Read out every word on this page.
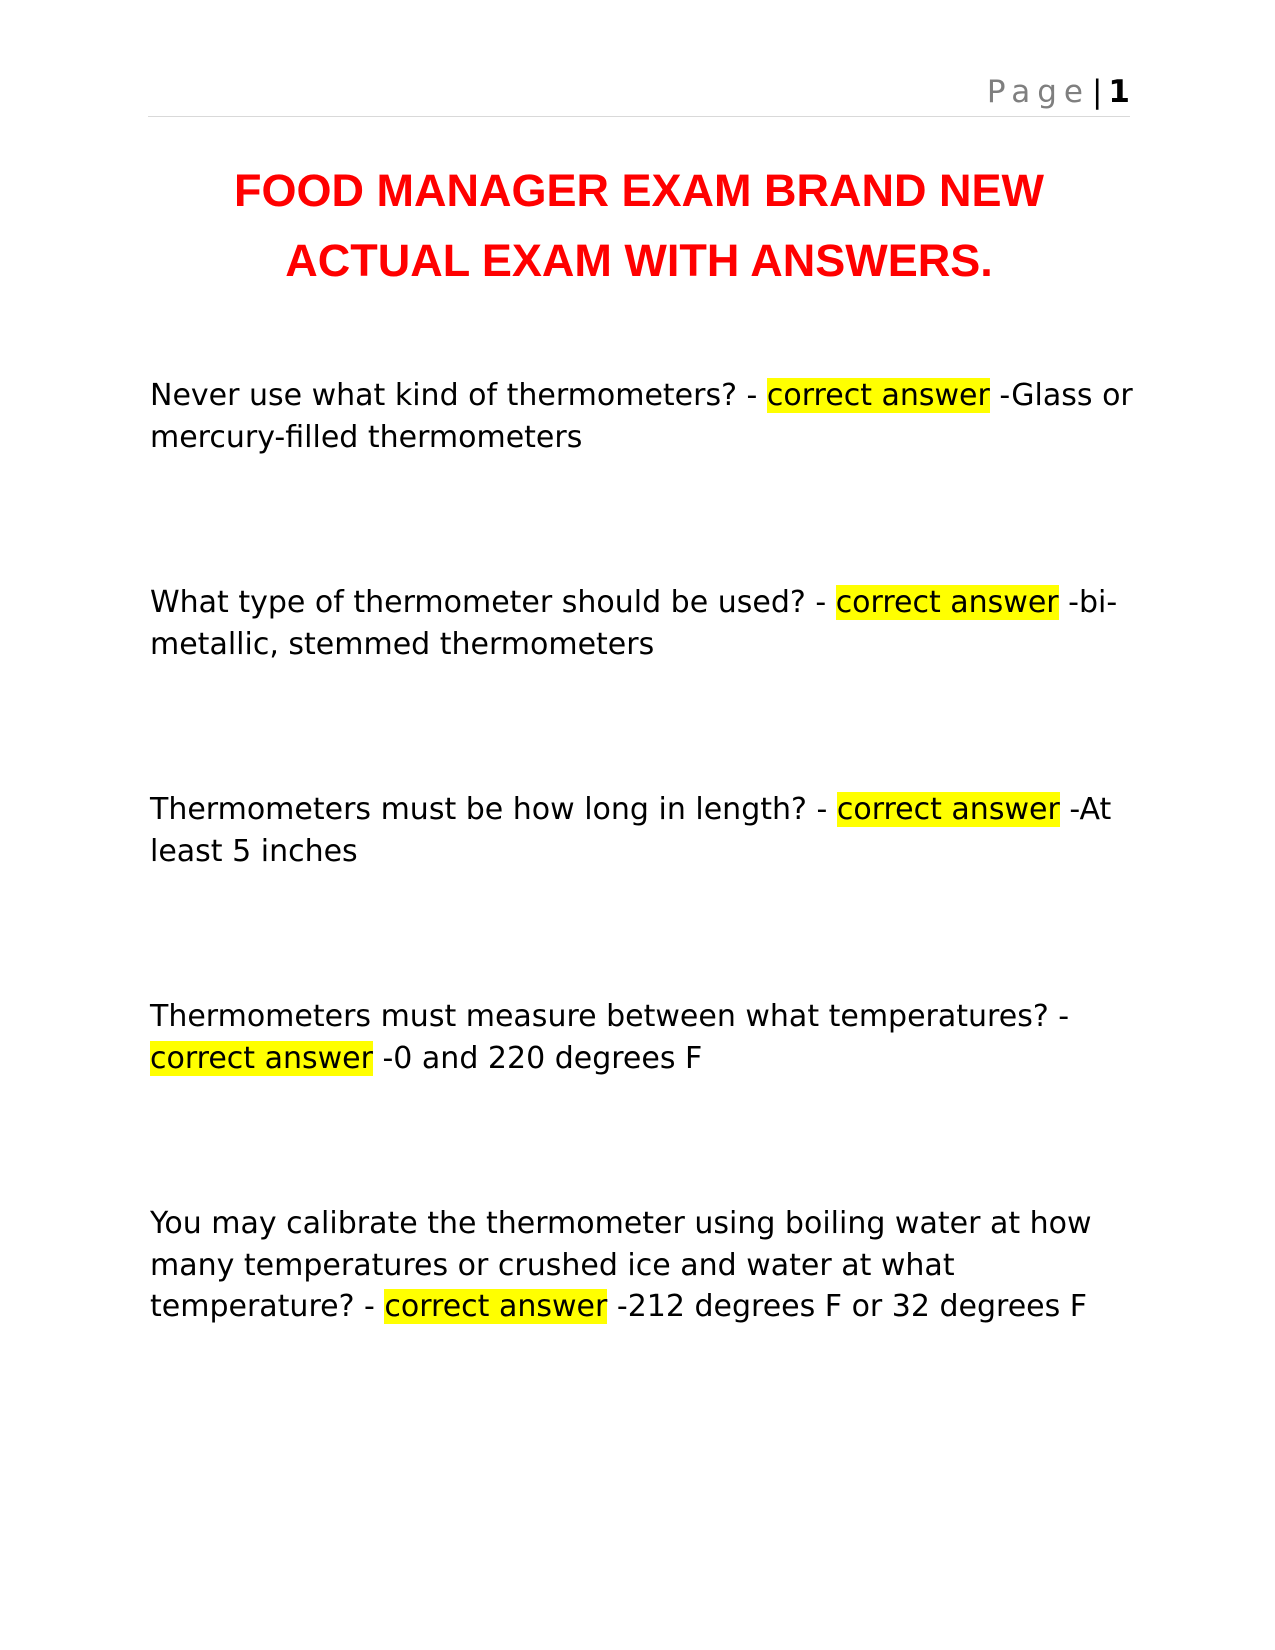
Page| 1
FOOD MANAGER EXAM BRAND NEW ACTUAL EXAM WITH ANSWERS.

Never use what kind of thermometers? - correct answer -Glass or mercury-filled thermometers

What type of thermometer should be used? - correct answer -bi-metallic, stemmed thermometers

Thermometers must be how long in length? - correct answer -At least 5 inches

Thermometers must measure between what temperatures? - correct answer -0 and 220 degrees F

You may calibrate the thermometer using boiling water at how many temperatures or crushed ice and water at what temperature? - correct answer -212 degrees F or 32 degrees F
